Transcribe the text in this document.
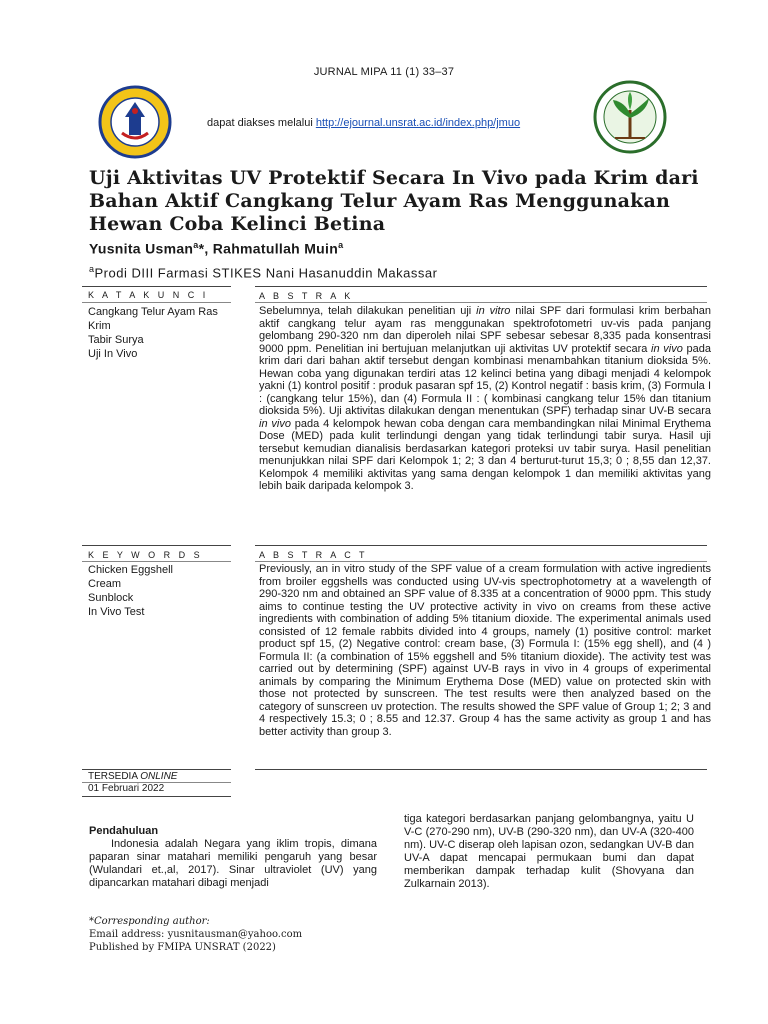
JURNAL MIPA 11 (1) 33–37
dapat diakses melalui http://ejournal.unsrat.ac.id/index.php/jmuo
Uji Aktivitas UV Protektif Secara In Vivo pada Krim dari Bahan Aktif Cangkang Telur Ayam Ras Menggunakan Hewan Coba Kelinci Betina
Yusnita Usman$^a$*, Rahmatullah Muin$^a$
$^a$Prodi DIII Farmasi STIKES Nani Hasanuddin Makassar
K A T A K U N C I	A B S T R A K
Cangkang Telur Ayam Ras
Krim
Tabir Surya
Uji In Vivo
Sebelumnya, telah dilakukan penelitian uji in vitro nilai SPF dari formulasi krim berbahan aktif cangkang telur ayam ras menggunakan spektrofotometri uv-vis pada panjang gelombang 290-320 nm dan diperoleh nilai SPF sebesar sebesar 8,335 pada konsentrasi 9000 ppm. Penelitian ini bertujuan melanjutkan uji aktivitas UV protektif secara in vivo pada krim dari dari bahan aktif tersebut dengan kombinasi menambahkan titanium dioksida 5%. Hewan coba yang digunakan terdiri atas 12 kelinci betina yang dibagi menjadi 4 kelompok yakni (1) kontrol positif : produk pasaran spf 15, (2) Kontrol negatif : basis krim, (3) Formula I : (cangkang telur 15%), dan (4) Formula II : ( kombinasi cangkang telur 15% dan titanium dioksida 5%). Uji aktivitas dilakukan dengan menentukan (SPF) terhadap sinar UV-B secara in vivo pada 4 kelompok hewan coba dengan cara membandingkan nilai Minimal Erythema Dose (MED) pada kulit terlindungi dengan yang tidak terlindungi tabir surya. Hasil uji tersebut kemudian dianalisis berdasarkan kategori proteksi uv tabir surya. Hasil penelitian menunjukkan nilai SPF dari Kelompok 1; 2; 3 dan 4 berturut-turut 15,3; 0 ; 8,55 dan 12,37. Kelompok 4 memiliki aktivitas yang sama dengan kelompok 1 dan memiliki aktivitas yang lebih baik daripada kelompok 3.
K E Y W O R D S	A B S T R A C T
Chicken Eggshell
Cream
Sunblock
In Vivo Test
Previously, an in vitro study of the SPF value of a cream formulation with active ingredients from broiler eggshells was conducted using UV-vis spectrophotometry at a wavelength of 290-320 nm and obtained an SPF value of 8.335 at a concentration of 9000 ppm. This study aims to continue testing the UV protective activity in vivo on creams from these active ingredients with combination of adding 5% titanium dioxide. The experimental animals used consisted of 12 female rabbits divided into 4 groups, namely (1) positive control: market product spf 15, (2) Negative control: cream base, (3) Formula I: (15% egg shell), and (4 ) Formula II: (a combination of 15% eggshell and 5% titanium dioxide). The activity test was carried out by determining (SPF) against UV-B rays in vivo in 4 groups of experimental animals by comparing the Minimum Erythema Dose (MED) value on protected skin with those not protected by sunscreen. The test results were then analyzed based on the category of sunscreen uv protection. The results showed the SPF value of Group 1; 2; 3 and 4 respectively 15.3; 0 ; 8.55 and 12.37. Group 4 has the same activity as group 1 and has better activity than group 3.
TERSEDIA ONLINE
01 Februari 2022
Pendahuluan
Indonesia adalah Negara yang iklim tropis, dimana paparan sinar matahari memiliki pengaruh yang besar (Wulandari et.,al, 2017). Sinar ultraviolet (UV) yang dipancarkan matahari dibagi menjadi
tiga kategori berdasarkan panjang gelombangnya, yaitu U V-C (270-290 nm), UV-B (290-320 nm), dan UV-A (320-400 nm). UV-C diserap oleh lapisan ozon, sedangkan UV-B dan UV-A dapat mencapai permukaan bumi dan dapat memberikan dampak terhadap kulit (Shovyana dan Zulkarnain 2013).
*Corresponding author:
Email address: yusnitausman@yahoo.com
Published by FMIPA UNSRAT (2022)
